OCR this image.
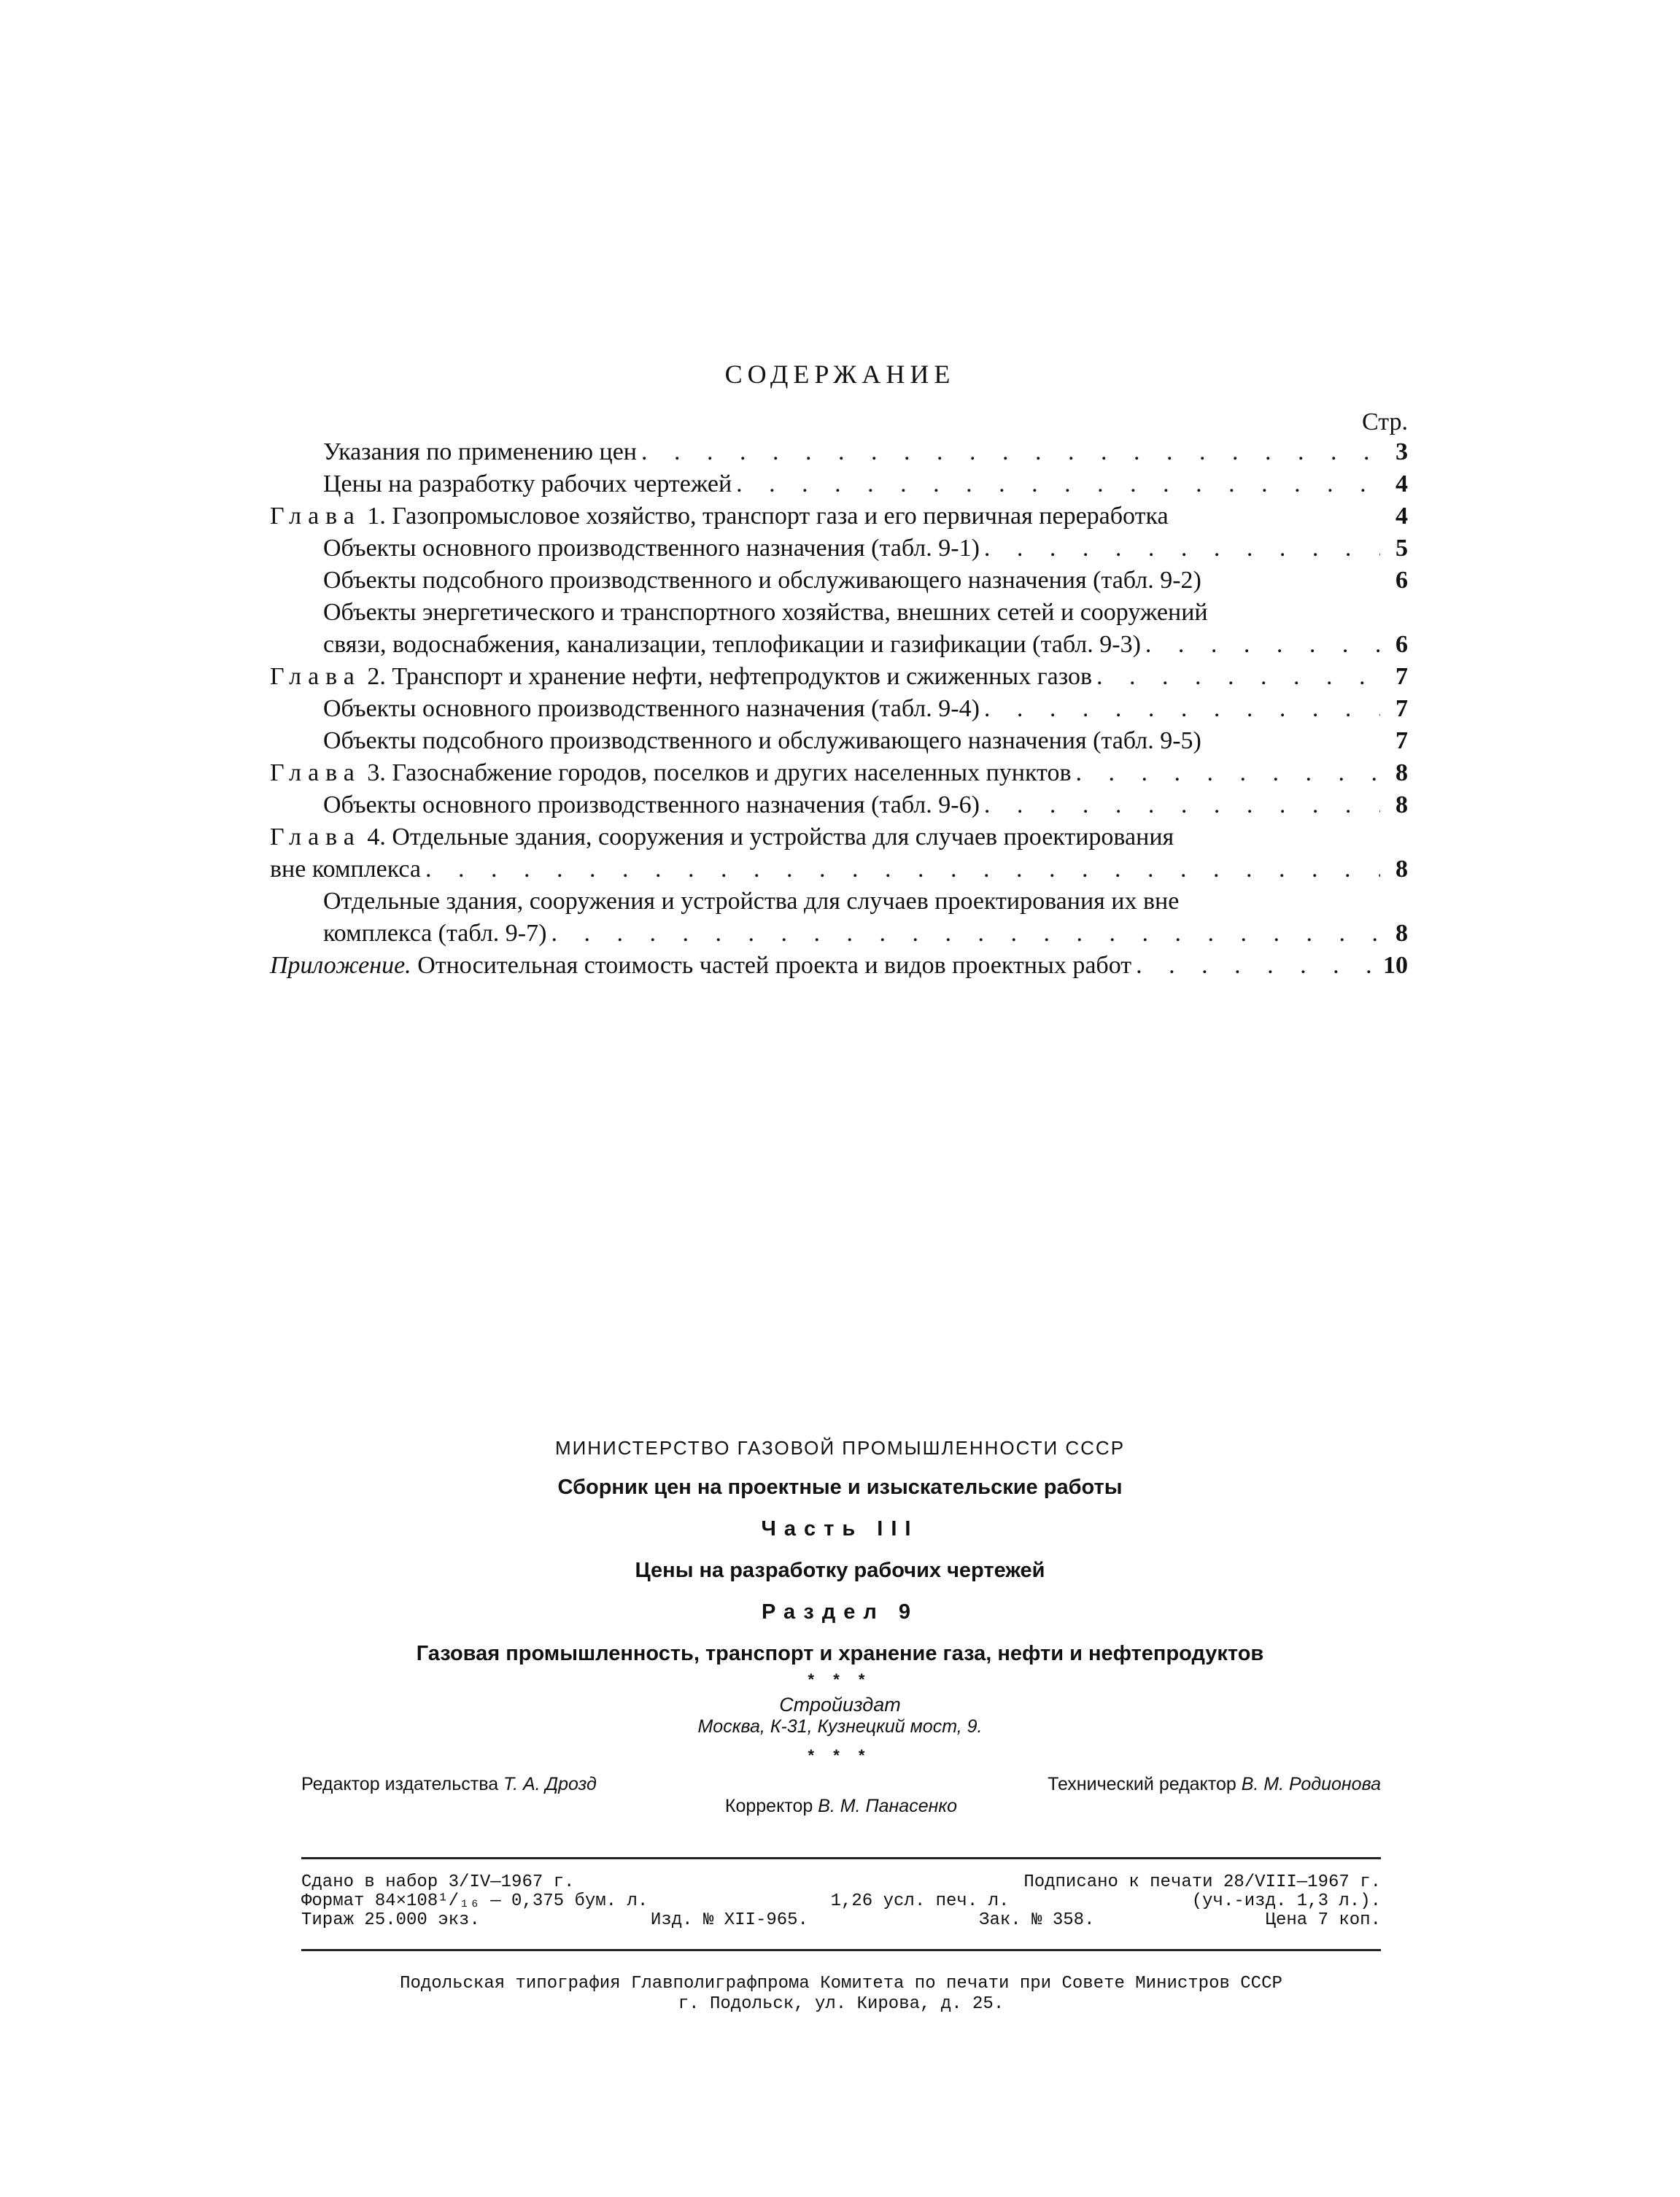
СОДЕРЖАНИЕ
Стр.
Указания по применению цен . . .	3
Цены на разработку рабочих чертежей . . .	4
Глава 1. Газопромысловое хозяйство, транспорт газа и его первичная переработка	4
Объекты основного производственного назначения (табл. 9-1) . . .	5
Объекты подсобного производственного и обслуживающего назначения (табл. 9-2)	6
Объекты энергетического и транспортного хозяйства, внешних сетей и сооружений
связи, водоснабжения, канализации, теплофикации и газификации (табл. 9-3) . . .	6
Глава 2. Транспорт и хранение нефти, нефтепродуктов и сжиженных газов . . .	7
Объекты основного производственного назначения (табл. 9-4) . . .	7
Объекты подсобного производственного и обслуживающего назначения (табл. 9-5)	7
Глава 3. Газоснабжение городов, поселков и других населенных пунктов . . .	8
Объекты основного производственного назначения (табл. 9-6) . . .	8
Глава 4. Отдельные здания, сооружения и устройства для случаев проектирования
вне комплекса . . .	8
Отдельные здания, сооружения и устройства для случаев проектирования их вне
комплекса (табл. 9-7) . . .	8
Приложение. Относительная стоимость частей проекта и видов проектных работ . . .	10
МИНИСТЕРСТВО ГАЗОВОЙ ПРОМЫШЛЕННОСТИ СССР
Сборник цен на проектные и изыскательские работы
Часть III
Цены на разработку рабочих чертежей
Раздел 9
Газовая промышленность, транспорт и хранение газа, нефти и нефтепродуктов
* * *
Стройиздат
Москва, К-31, Кузнецкий мост, 9.
* * *
Редактор издательства Т. А. Дрозд	Технический редактор В. М. Родионова
Корректор В. М. Панасенко
Сдано в набор 3/IV—1967 г.	Подписано к печати 28/VIII—1967 г.
Формат 84×108¹/₁₆ — 0,375 бум. л.	1,26 усл. печ. л.	(уч.-изд. 1,3 л.).
Тираж 25.000 экз.	Изд. № XII-965.	Зак. № 358.	Цена 7 коп.
Подольская типография Главполиграфпрома Комитета по печати при Совете Министров СССР
г. Подольск, ул. Кирова, д. 25.
